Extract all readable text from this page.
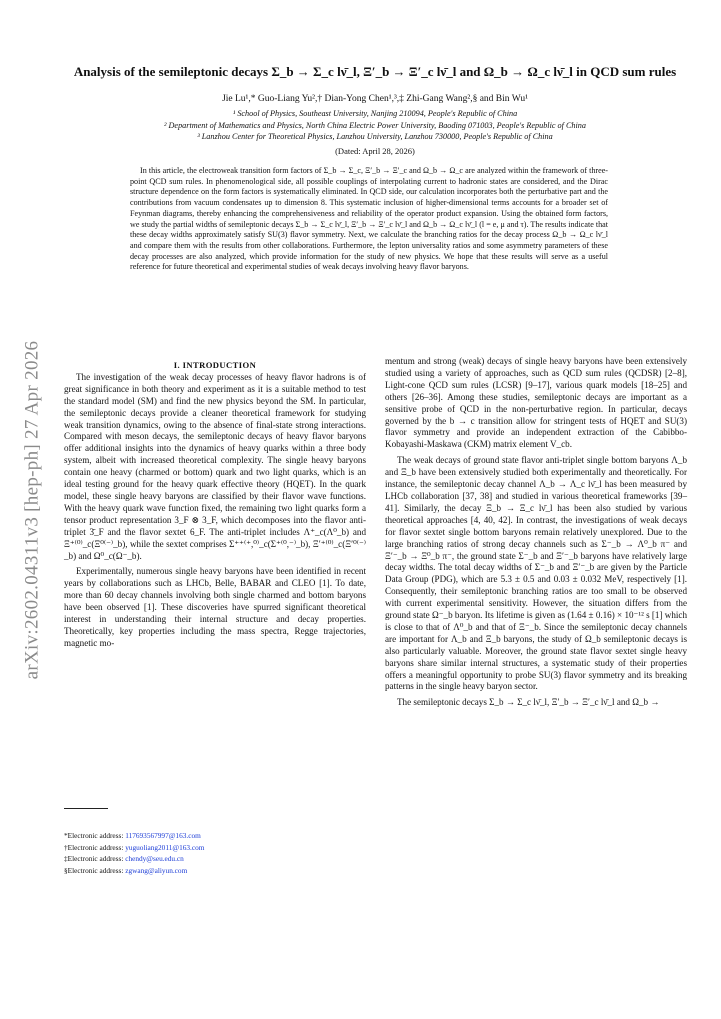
arXiv:2602.04311v3 [hep-ph] 27 Apr 2026
Analysis of the semileptonic decays Σ_b → Σ_c lν̄_l, Ξ′_b → Ξ′_c lν̄_l and Ω_b → Ω_c lν̄_l in QCD sum rules
Jie Lu¹,* Guo-Liang Yu²,† Dian-Yong Chen¹,³,‡ Zhi-Gang Wang²,§ and Bin Wu¹
¹ School of Physics, Southeast University, Nanjing 210094, People's Republic of China
² Department of Mathematics and Physics, North China Electric Power University, Baoding 071003, People's Republic of China
³ Lanzhou Center for Theoretical Physics, Lanzhou University, Lanzhou 730000, People's Republic of China
(Dated: April 28, 2026)
In this article, the electroweak transition form factors of Σ_b → Σ_c, Ξ′_b → Ξ′_c and Ω_b → Ω_c are analyzed within the framework of three-point QCD sum rules. In phenomenological side, all possible couplings of interpolating current to hadronic states are considered, and the Dirac structure dependence on the form factors is systematically eliminated. In QCD side, our calculation incorporates both the perturbative part and the contributions from vacuum condensates up to dimension 8. This systematic inclusion of higher-dimensional terms accounts for a broader set of Feynman diagrams, thereby enhancing the comprehensiveness and reliability of the operator product expansion. Using the obtained form factors, we study the partial widths of semileptonic decays Σ_b → Σ_c lν̄_l, Ξ′_b → Ξ′_c lν̄_l and Ω_b → Ω_c lν̄_l (l = e, μ and τ). The results indicate that these decay widths approximately satisfy SU(3) flavor symmetry. Next, we calculate the branching ratios for the decay process Ω_b → Ω_c lν̄_l and compare them with the results from other collaborations. Furthermore, the lepton universality ratios and some asymmetry parameters of these decay processes are also analyzed, which provide information for the study of new physics. We hope that these results will serve as a useful reference for future theoretical and experimental studies of weak decays involving heavy flavor baryons.

I. INTRODUCTION

The investigation of the weak decay processes of heavy flavor hadrons is of great significance in both theory and experiment as it is a suitable method to test the standard model (SM) and find the new physics beyond the SM. In particular, the semileptonic decays provide a cleaner theoretical framework for studying weak transition dynamics, owing to the absence of final-state strong interactions. Compared with meson decays, the semileptonic decays of heavy flavor baryons offer additional insights into the dynamics of heavy quarks within a three body system, albeit with increased theoretical complexity. The single heavy baryons contain one heavy (charmed or bottom) quark and two light quarks, which is an ideal testing ground for the heavy quark effective theory (HQET). In the quark model, these single heavy baryons are classified by their flavor wave functions. With the heavy quark wave function fixed, the remaining two light quarks form a tensor product representation 3_F ⊗ 3_F, which decomposes into the flavor anti-triplet 3̄_F and the flavor sextet 6_F. The anti-triplet includes Λ⁺_c(Λ⁰_b) and Ξ⁺⁽⁰⁾_c(Ξ⁰⁽⁻⁾_b), while the sextet comprises Σ⁺⁺⁽⁺,⁰⁾_c(Σ⁺⁽⁰,⁻⁾_b), Ξ′⁺⁽⁰⁾_c(Ξ′⁰⁽⁻⁾_b) and Ω⁰_c(Ω⁻_b).

Experimentally, numerous single heavy baryons have been identified in recent years by collaborations such as LHCb, Belle, BABAR and CLEO [1]. To date, more than 60 decay channels involving both single charmed and bottom baryons have been observed [1]. These discoveries have spurred significant theoretical interest in understanding their internal structure and decay properties. Theoretically, key properties including the mass spectra, Regge trajectories, magnetic mo-

mentum and strong (weak) decays of single heavy baryons have been extensively studied using a variety of approaches, such as QCD sum rules (QCDSR) [2–8], Light-cone QCD sum rules (LCSR) [9–17], various quark models [18–25] and others [26–36]. Among these studies, semileptonic decays are important as a sensitive probe of QCD in the non-perturbative region. In particular, decays governed by the b → c transition allow for stringent tests of HQET and SU(3) flavor symmetry and provide an independent extraction of the Cabibbo-Kobayashi-Maskawa (CKM) matrix element V_cb.

The weak decays of ground state flavor anti-triplet single bottom baryons Λ_b and Ξ_b have been extensively studied both experimentally and theoretically. For instance, the semileptonic decay channel Λ_b → Λ_c lν̄_l has been measured by LHCb collaboration [37, 38] and studied in various theoretical frameworks [39–41]. Similarly, the decay Ξ_b → Ξ_c lν̄_l has been also studied by various theoretical approaches [4, 40, 42]. In contrast, the investigations of weak decays for flavor sextet single bottom baryons remain relatively unexplored. Due to the large branching ratios of strong decay channels such as Σ⁻_b → Λ⁰_b π⁻ and Ξ′⁻_b → Ξ⁰_b π⁻, the ground state Σ⁻_b and Ξ′⁻_b baryons have relatively large decay widths. The total decay widths of Σ⁻_b and Ξ′⁻_b are given by the Particle Data Group (PDG), which are 5.3 ± 0.5 and 0.03 ± 0.032 MeV, respectively [1]. Consequently, their semileptonic branching ratios are too small to be observed with current experimental sensitivity. However, the situation differs from the ground state Ω⁻_b baryon. Its lifetime is given as (1.64 ± 0.16) × 10⁻¹² s [1] which is close to that of Λ⁰_b and that of Ξ⁻_b. Since the semileptonic decay channels are important for Λ_b and Ξ_b baryons, the study of Ω_b semileptonic decays is also particularly valuable. Moreover, the ground state flavor sextet single heavy baryons share similar internal structures, a systematic study of their properties offers a meaningful opportunity to probe SU(3) flavor symmetry and its breaking patterns in the single heavy baryon sector.

The semileptonic decays Σ_b → Σ_c lν̄_l, Ξ′_b → Ξ′_c lν̄_l and Ω_b →

*Electronic address: 117693567997@163.com
†Electronic address: yuguoliang2011@163.com
‡Electronic address: chendy@seu.edu.cn
§Electronic address: zgwang@aliyun.com
